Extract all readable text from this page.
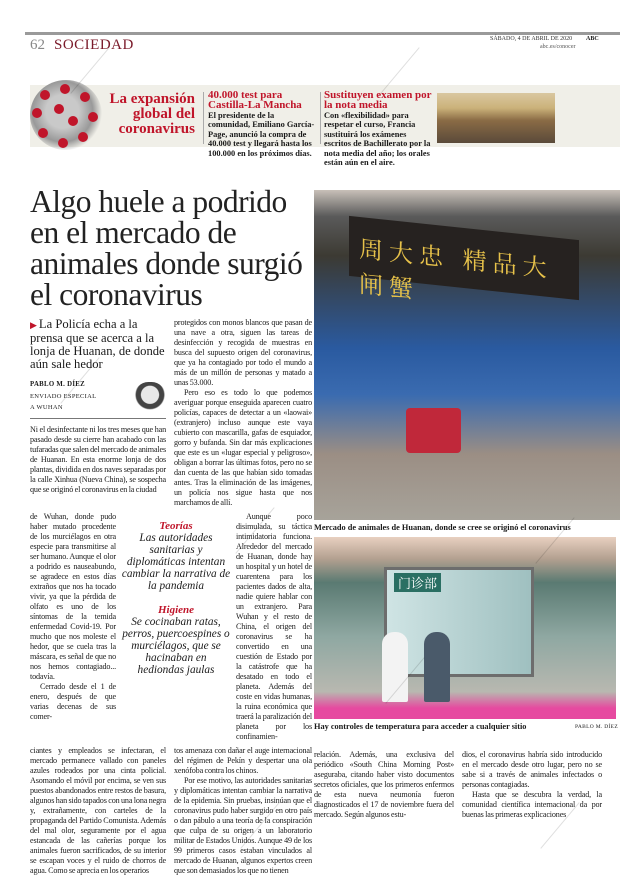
62 SOCIEDAD	SÁBADO, 4 DE ABRIL DE 2020 ABC
abc.es/conocer
La expansión global del coronavirus
40.000 test para Castilla-La Mancha
El presidente de la comunidad, Emiliano García-Page, anunció la compra de 40.000 test y llegará hasta los 100.000 en los próximos días.
Sustituyen examen por la nota media
Con «flexibilidad» para respetar el curso, Francia sustituirá los exámenes escritos de Bachillerato por la nota media del año; los orales están aún en el aire.
Algo huele a podrido en el mercado de animales donde surgió el coronavirus
▶ La Policía echa a la prensa que se acerca a la lonja de Huanan, de donde aún sale hedor
PABLO M. DÍEZ
ENVIADO ESPECIAL
A WUHAN
Ni el desinfectante ni los tres meses que han pasado desde su cierre han acabado con las tufaradas que salen del mercado de animales de Huanan. En esta enorme lonja de dos plantas, dividida en dos naves separadas por la calle Xinhua (Nueva China), se sospecha que se originó el coronavirus en la ciudad

protegidos con monos blancos que pasan de una nave a otra, siguen las tareas de desinfección y recogida de muestras en busca del supuesto origen del coronavirus, que ya ha contagiado por todo el mundo a más de un millón de personas y matado a unas 53.000.

Pero eso es todo lo que podemos averiguar porque enseguida aparecen cuatro policías, capaces de detectar a un «laowai» (extranjero) incluso aunque este vaya cubierto con mascarilla, gafas de esquiador, gorro y bufanda. Sin dar más explicaciones que este es un «lugar especial y peligroso», obligan a borrar las últimas fotos, pero no se dan cuenta de las que habían sido tomadas antes. Tras la eliminación de las imágenes, un policía nos sigue hasta que nos marchamos de allí.

de Wuhan, donde pudo haber mutado procedente de los murciélagos en otra especie para transmitirse al ser humano. Aunque el olor a podrido es nauseabundo, se agradece en estos días extraños que nos ha tocado vivir, ya que la pérdida de olfato es uno de los síntomas de la temida enfermedad Covid-19. Por mucho que nos moleste el hedor, que se cuela tras la máscara, es señal de que no nos hemos contagiado... todavía.

Cerrado desde el 1 de enero, después de que varias decenas de sus comer-

Teorías
Las autoridades sanitarias y diplomáticas intentan cambiar la narrativa de la pandemia
Higiene
Se cocinaban ratas, perros, puercoespines o murciélagos, que se hacinaban en hediondas jaulas
Aunque poco disimulada, su táctica intimidatoria funciona. Alrededor del mercado de Huanan, donde hay un hospital y un hotel de cuarentena para los pacientes dados de alta, nadie quiere hablar con un extranjero. Para Wuhan y el resto de China, el origen del coronavirus se ha convertido en una cuestión de Estado por la catástrofe que ha desatado en todo el planeta. Además del coste en vidas humanas, la ruina económica que traerá la paralización del planeta por los confinamien-
ciantes y empleados se infectaran, el mercado permanece vallado con paneles azules rodeados por una cinta policial. Asomando el móvil por encima, se ven sus puestos abandonados entre restos de basura, algunos han sido tapados con una lona negra y, extrañamente, con carteles de la propaganda del Partido Comunista. Además del mal olor, seguramente por el agua estancada de las cañerías porque los animales fueron sacrificados, de su interior se escapan voces y el ruido de chorros de agua. Como se aprecia en los operarios

tos amenaza con dañar el auge internacional del régimen de Pekín y despertar una ola xenófoba contra los chinos.

Por ese motivo, las autoridades sanitarias y diplomáticas intentan cambiar la narrativa de la epidemia. Sin pruebas, insinúan que el coronavirus pudo haber surgido en otro país o dan pábulo a una teoría de la conspiración que culpa de su origen a un laboratorio militar de Estados Unidos. Aunque 49 de los 99 primeros casos estaban vinculados al mercado de Huanan, algunos expertos creen que son demasiados los que no tienen

周大忠 精品大闸蟹
Mercado de animales de Huanan, donde se cree se originó el coronavirus
门诊部
Hay controles de temperatura para acceder a cualquier sitio	PABLO M. DÍEZ
relación. Además, una exclusiva del periódico «South China Morning Post» aseguraba, citando haber visto documentos secretos oficiales, que los primeros enfermos de esta nueva neumonía fueron diagnosticados el 17 de noviembre fuera del mercado. Según algunos estu-

dios, el coronavirus habría sido introducido en el mercado desde otro lugar, pero no se sabe si a través de animales infectados o personas contagiadas.

Hasta que se descubra la verdad, la comunidad científica internacional da por buenas las primeras explicaciones
